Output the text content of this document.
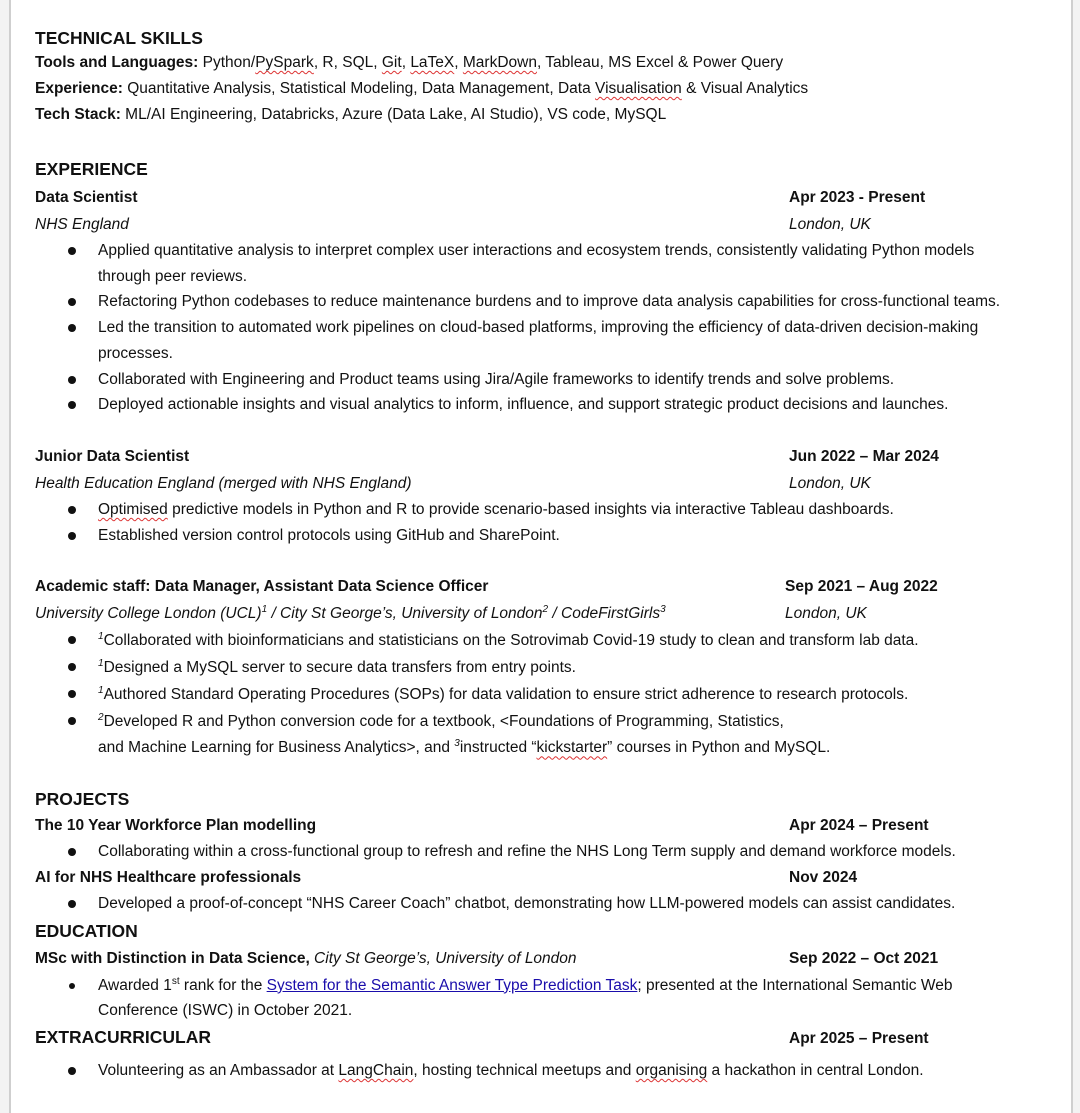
TECHNICAL SKILLS
Tools and Languages: Python/PySpark, R, SQL, Git, LaTeX, MarkDown, Tableau, MS Excel & Power Query
Experience: Quantitative Analysis, Statistical Modeling, Data Management, Data Visualisation & Visual Analytics
Tech Stack: ML/AI Engineering, Databricks, Azure (Data Lake, AI Studio), VS code, MySQL
EXPERIENCE
Data Scientist	Apr 2023 - Present
NHS England	London, UK
Applied quantitative analysis to interpret complex user interactions and ecosystem trends, consistently validating Python models
through peer reviews.
Refactoring Python codebases to reduce maintenance burdens and to improve data analysis capabilities for cross-functional teams.
Led the transition to automated work pipelines on cloud-based platforms, improving the efficiency of data-driven decision-making
processes.
Collaborated with Engineering and Product teams using Jira/Agile frameworks to identify trends and solve problems.
Deployed actionable insights and visual analytics to inform, influence, and support strategic product decisions and launches.
Junior Data Scientist	Jun 2022 – Mar 2024
Health Education England (merged with NHS England)	London, UK
Optimised predictive models in Python and R to provide scenario-based insights via interactive Tableau dashboards.
Established version control protocols using GitHub and SharePoint.
Academic staff: Data Manager, Assistant Data Science Officer	Sep 2021 – Aug 2022
University College London (UCL)$^1$ / City St George’s, University of London$^2$ / CodeFirstGirls$^3$	London, UK
$^1$Collaborated with bioinformaticians and statisticians on the Sotrovimab Covid-19 study to clean and transform lab data.
$^1$Designed a MySQL server to secure data transfers from entry points.
$^1$Authored Standard Operating Procedures (SOPs) for data validation to ensure strict adherence to research protocols.
$^2$Developed R and Python conversion code for a textbook, <Foundations of Programming, Statistics,
and Machine Learning for Business Analytics>, and $^3$instructed “kickstarter” courses in Python and MySQL.
PROJECTS
The 10 Year Workforce Plan modelling	Apr 2024 – Present
Collaborating within a cross-functional group to refresh and refine the NHS Long Term supply and demand workforce models.
AI for NHS Healthcare professionals	Nov 2024
Developed a proof-of-concept “NHS Career Coach” chatbot, demonstrating how LLM-powered models can assist candidates.
EDUCATION
MSc with Distinction in Data Science, City St George’s, University of London	Sep 2022 – Oct 2021
Awarded 1st rank for the System for the Semantic Answer Type Prediction Task; presented at the International Semantic Web
Conference (ISWC) in October 2021.
EXTRACURRICULAR	Apr 2025 – Present
Volunteering as an Ambassador at LangChain, hosting technical meetups and organising a hackathon in central London.
